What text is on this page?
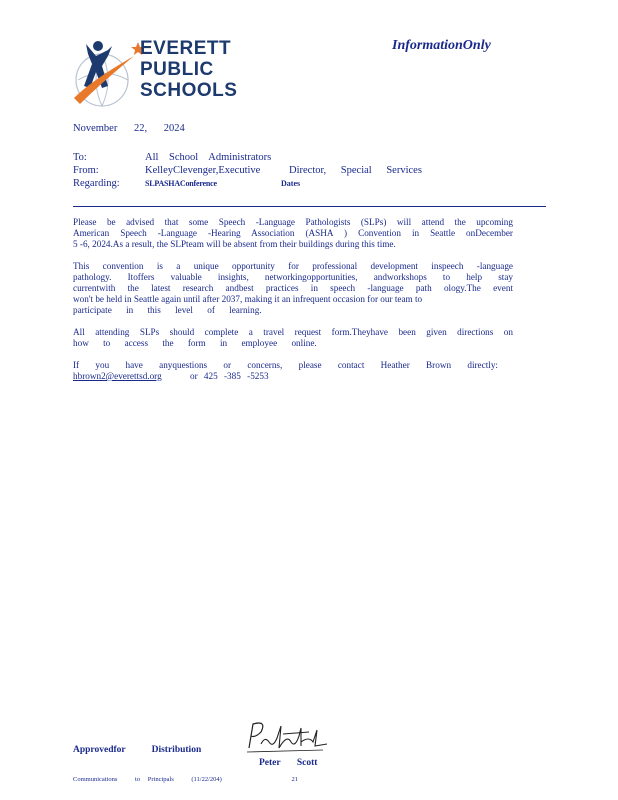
EVERETT
PUBLIC
SCHOOLS
InformationOnly
November 22, 2024
To:	All School Administrators
From:	KelleyClevenger,Executive	Director, Special Services
Regarding:	SLPASHAConference	Dates

Please be advised that some Speech -Language Pathologists (SLPs) will attend the upcoming

American Speech -Language -Hearing Association (ASHA ) Convention in Seattle onDecember

5 -6, 2024.As a result, the SLPteam will be absent from their buildings during this time.

This convention is a unique opportunity for professional development inspeech -language

pathology. Itoffers valuable insights, networkingopportunities, andworkshops to help stay

currentwith the latest research andbest practices in speech -language path ology.The event

won't be held in Seattle again until after 2037, making it an infrequent occasion for our team to

participate in this level of learning.

All attending SLPs should complete a travel request form.Theyhave been given directions on

how to access the form in employee online.

If you have anyquestions or concerns, please contact Heather Brown directly:

hbrown2@everettsd.org	or 425 -385 -5253

Approvedfor	Distribution
Peter Scott
Communications	to Principals	(11/22/204)	21
